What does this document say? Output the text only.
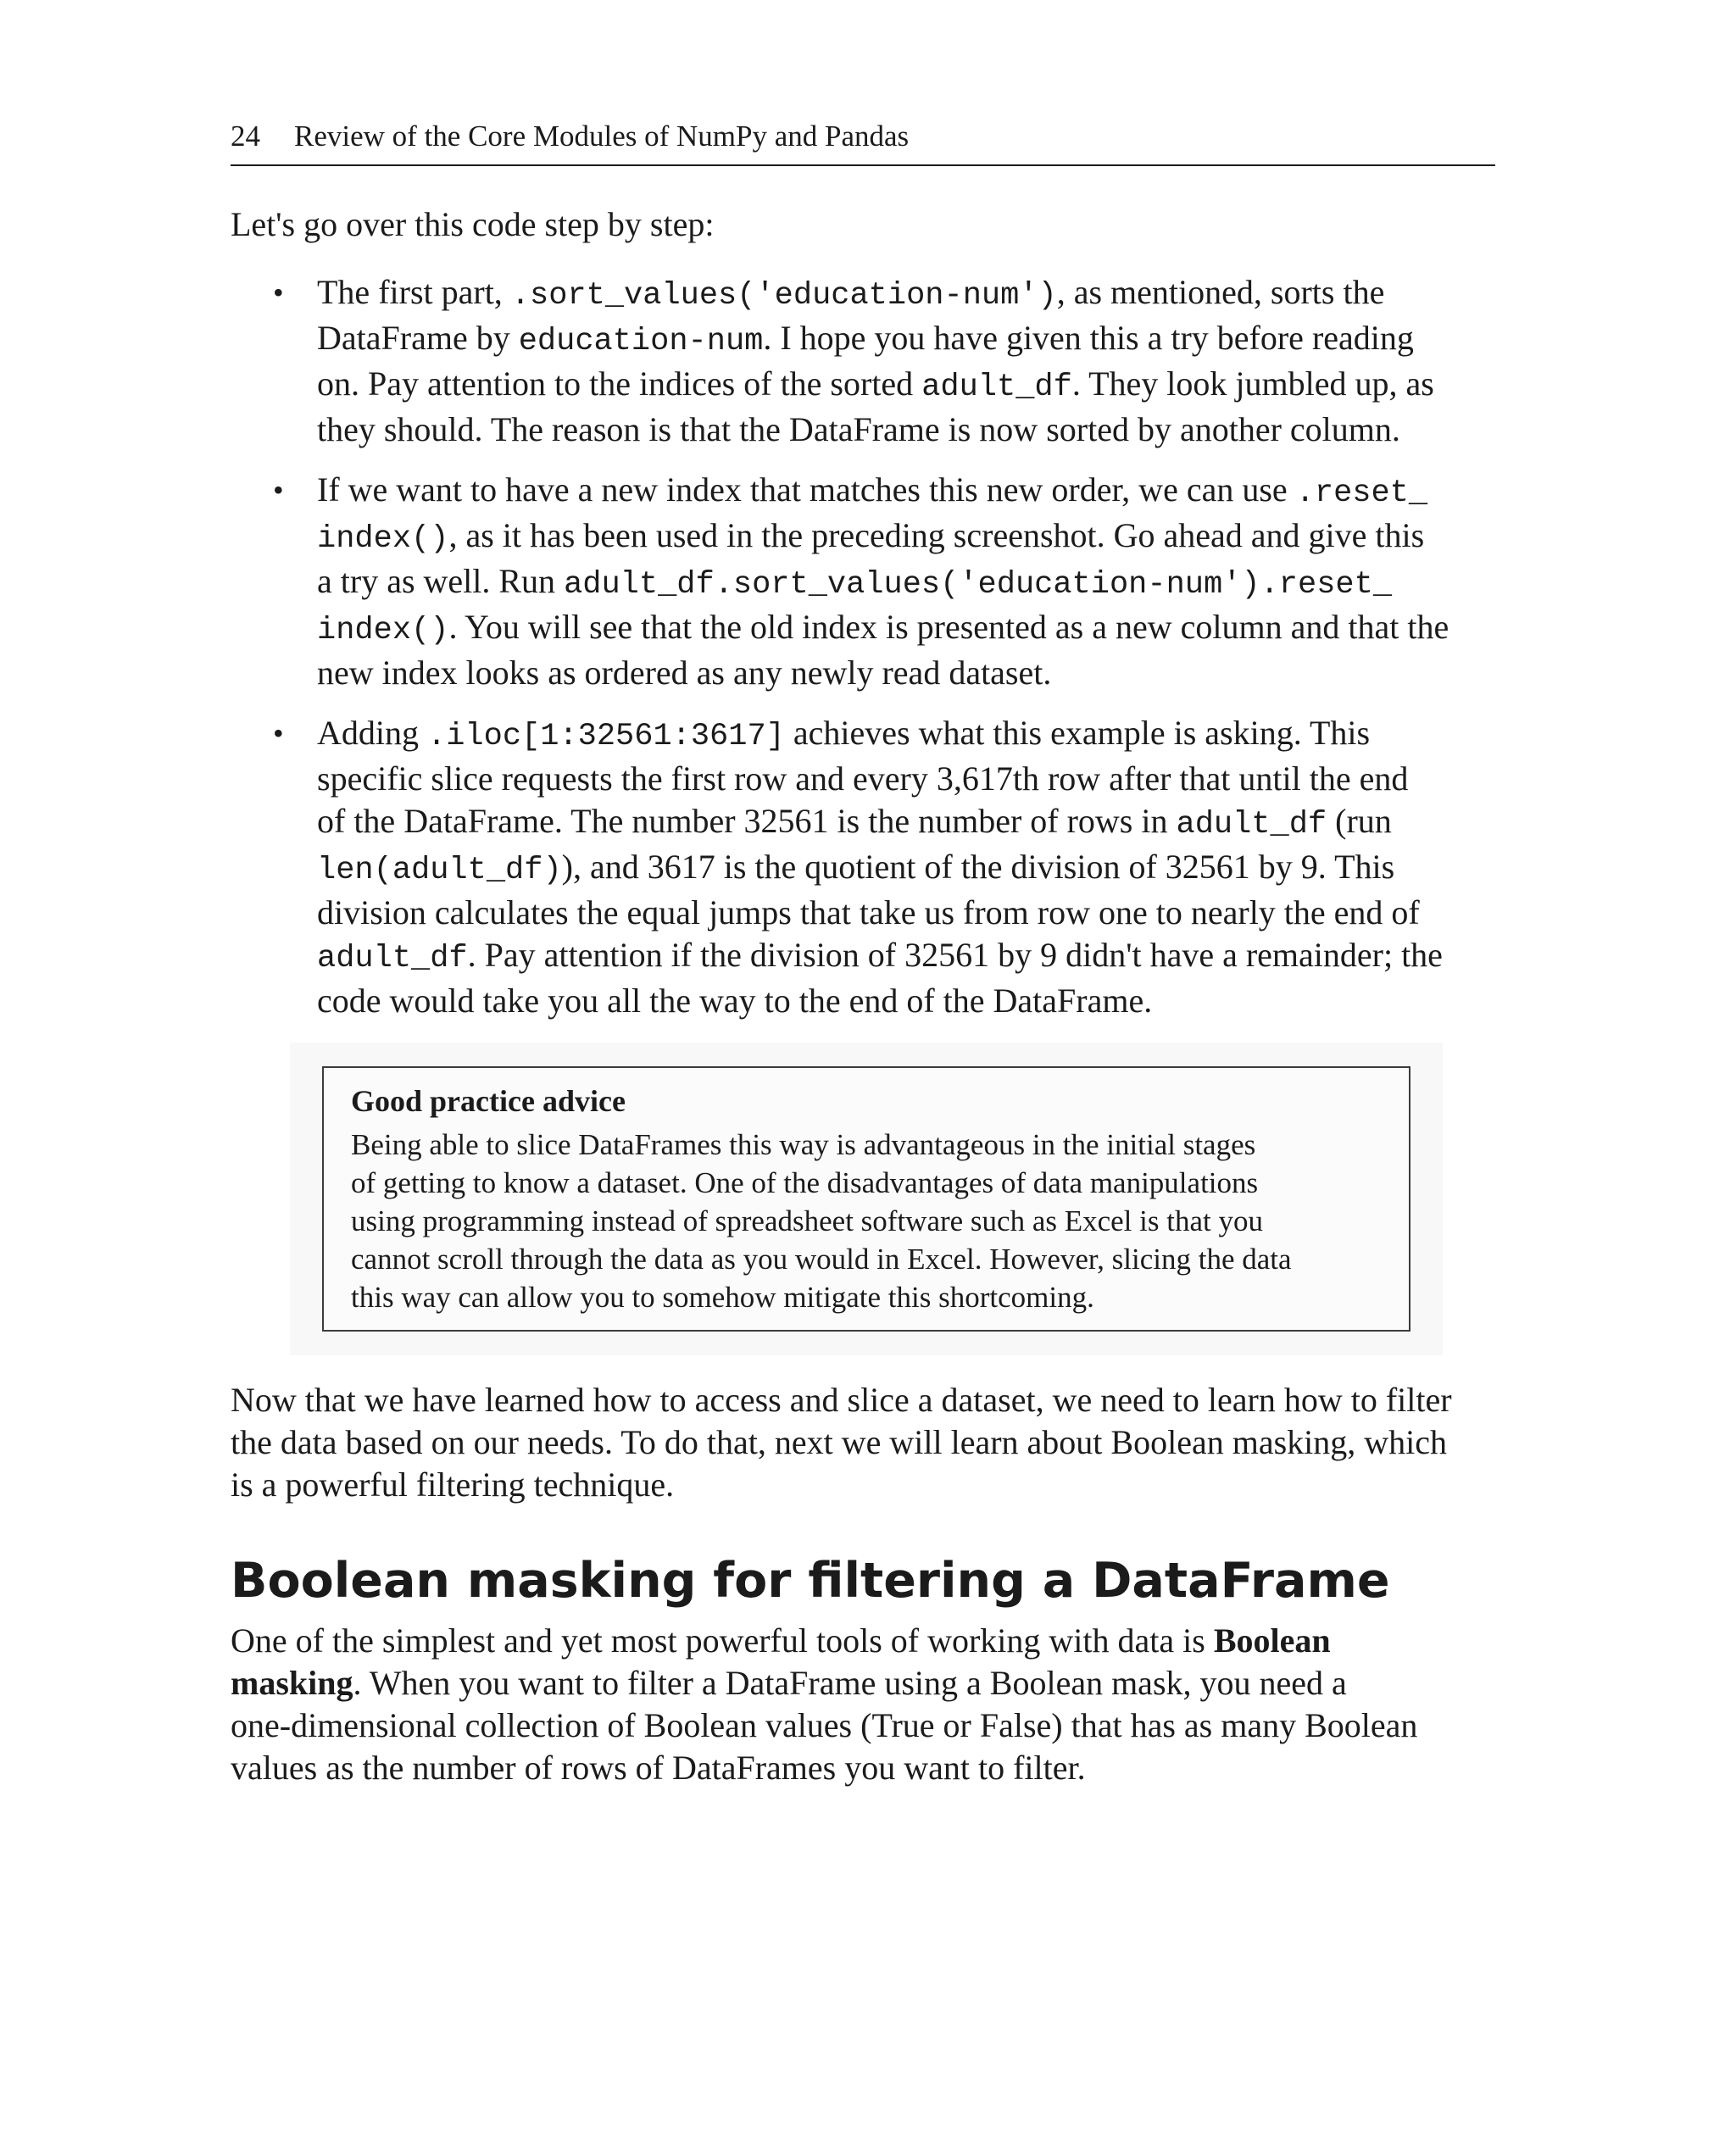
24 Review of the Core Modules of NumPy and Pandas

Let's go over this code step by step:

• The first part, .sort_values('education-num'), as mentioned, sorts the
DataFrame by education-num. I hope you have given this a try before reading
on. Pay attention to the indices of the sorted adult_df. They look jumbled up, as
they should. The reason is that the DataFrame is now sorted by another column.
• If we want to have a new index that matches this new order, we can use .reset_
index(), as it has been used in the preceding screenshot. Go ahead and give this
a try as well. Run adult_df.sort_values('education-num').reset_
index(). You will see that the old index is presented as a new column and that the
new index looks as ordered as any newly read dataset.
• Adding .iloc[1:32561:3617] achieves what this example is asking. This
specific slice requests the first row and every 3,617th row after that until the end
of the DataFrame. The number 32561 is the number of rows in adult_df (run
len(adult_df)), and 3617 is the quotient of the division of 32561 by 9. This
division calculates the equal jumps that take us from row one to nearly the end of
adult_df. Pay attention if the division of 32561 by 9 didn't have a remainder; the
code would take you all the way to the end of the DataFrame.
Good practice advice
Being able to slice DataFrames this way is advantageous in the initial stages
of getting to know a dataset. One of the disadvantages of data manipulations
using programming instead of spreadsheet software such as Excel is that you
cannot scroll through the data as you would in Excel. However, slicing the data
this way can allow you to somehow mitigate this shortcoming.

Now that we have learned how to access and slice a dataset, we need to learn how to filter
the data based on our needs. To do that, next we will learn about Boolean masking, which
is a powerful filtering technique.

Boolean masking for filtering a DataFrame

One of the simplest and yet most powerful tools of working with data is Boolean
masking. When you want to filter a DataFrame using a Boolean mask, you need a
one-dimensional collection of Boolean values (True or False) that has as many Boolean
values as the number of rows of DataFrames you want to filter.
